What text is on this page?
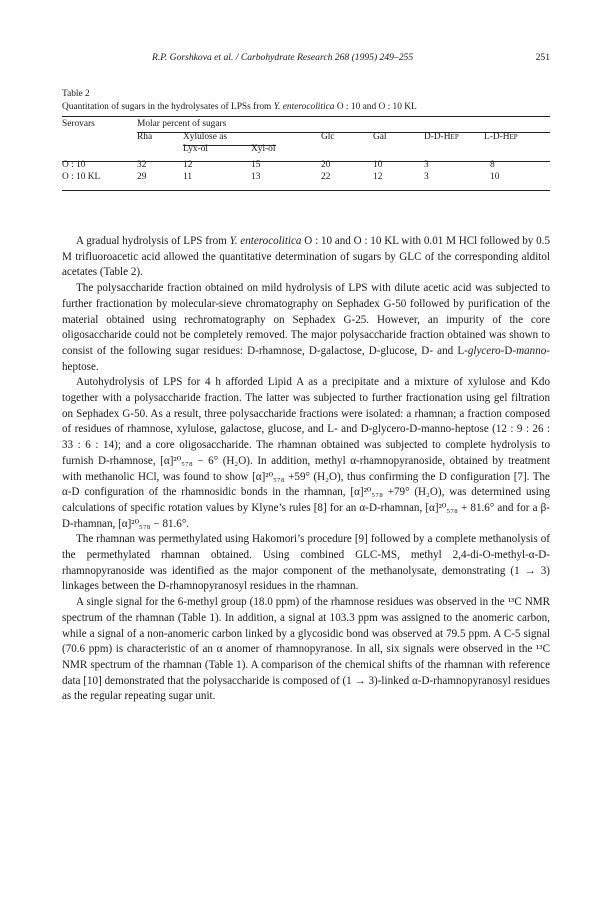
R.P. Gorshkova et al. / Carbohydrate Research 268 (1995) 249–255	251
Table 2
Quantitation of sugars in the hydrolysates of LPSs from Y. enterocolitica O : 10 and O : 10 KL
Serovars	Molar percent of sugars						
	Rha	Xylulose as		Glc	Gal	D-D-Hep	L-D-Hep
		Lyx-ol	Xyl-ol				

O : 10	32	12	15	20	10	3	8
O : 10 KL	29	11	13	22	12	3	10

A gradual hydrolysis of LPS from Y. enterocolitica O : 10 and O : 10 KL with 0.01 M HCl followed by 0.5 M trifluoroacetic acid allowed the quantitative determination of sugars by GLC of the corresponding alditol acetates (Table 2).

The polysaccharide fraction obtained on mild hydrolysis of LPS with dilute acetic acid was subjected to further fractionation by molecular-sieve chromatography on Sephadex G-50 followed by purification of the material obtained using rechromatography on Sephadex G-25. However, an impurity of the core oligosaccharide could not be completely removed. The major polysaccharide fraction obtained was shown to consist of the following sugar residues: D-rhamnose, D-galactose, D-glucose, D- and L-glycero-D-manno-heptose.

Autohydrolysis of LPS for 4 h afforded Lipid A as a precipitate and a mixture of xylulose and Kdo together with a polysaccharide fraction. The latter was subjected to further fractionation using gel filtration on Sephadex G-50. As a result, three polysaccharide fractions were isolated: a rhamnan; a fraction composed of residues of rhamnose, xylulose, galactose, glucose, and L- and D-glycero-D-manno-heptose (12 : 9 : 26 : 33 : 6 : 14); and a core oligosaccharide. The rhamnan obtained was subjected to complete hydrolysis to furnish D-rhamnose, [α]²⁰₅₇₈ − 6° (H₂O). In addition, methyl α-rhamnopyranoside, obtained by treatment with methanolic HCl, was found to show [α]²⁰₅₇₈ +59° (H₂O), thus confirming the D configuration [7]. The α-D configuration of the rhamnosidic bonds in the rhamnan, [α]²⁰₅₇₈ +79° (H₂O), was determined using calculations of specific rotation values by Klyne’s rules [8] for an α-D-rhamnan, [α]²⁰₅₇₈ + 81.6° and for a β-D-rhamnan, [α]²⁰₅₇₈ − 81.6°.

The rhamnan was permethylated using Hakomori’s procedure [9] followed by a complete methanolysis of the permethylated rhamnan obtained. Using combined GLC-MS, methyl 2,4-di-O-methyl-α-D-rhamnopyranoside was identified as the major component of the methanolysate, demonstrating (1 → 3) linkages between the D-rhamnopyranosyl residues in the rhamnan.

A single signal for the 6-methyl group (18.0 ppm) of the rhamnose residues was observed in the ¹³C NMR spectrum of the rhamnan (Table 1). In addition, a signal at 103.3 ppm was assigned to the anomeric carbon, while a signal of a non-anomeric carbon linked by a glycosidic bond was observed at 79.5 ppm. A C-5 signal (70.6 ppm) is characteristic of an α anomer of rhamnopyranose. In all, six signals were observed in the ¹³C NMR spectrum of the rhamnan (Table 1). A comparison of the chemical shifts of the rhamnan with reference data [10] demonstrated that the polysaccharide is composed of (1 → 3)-linked α-D-rhamnopyranosyl residues as the regular repeating sugar unit.
